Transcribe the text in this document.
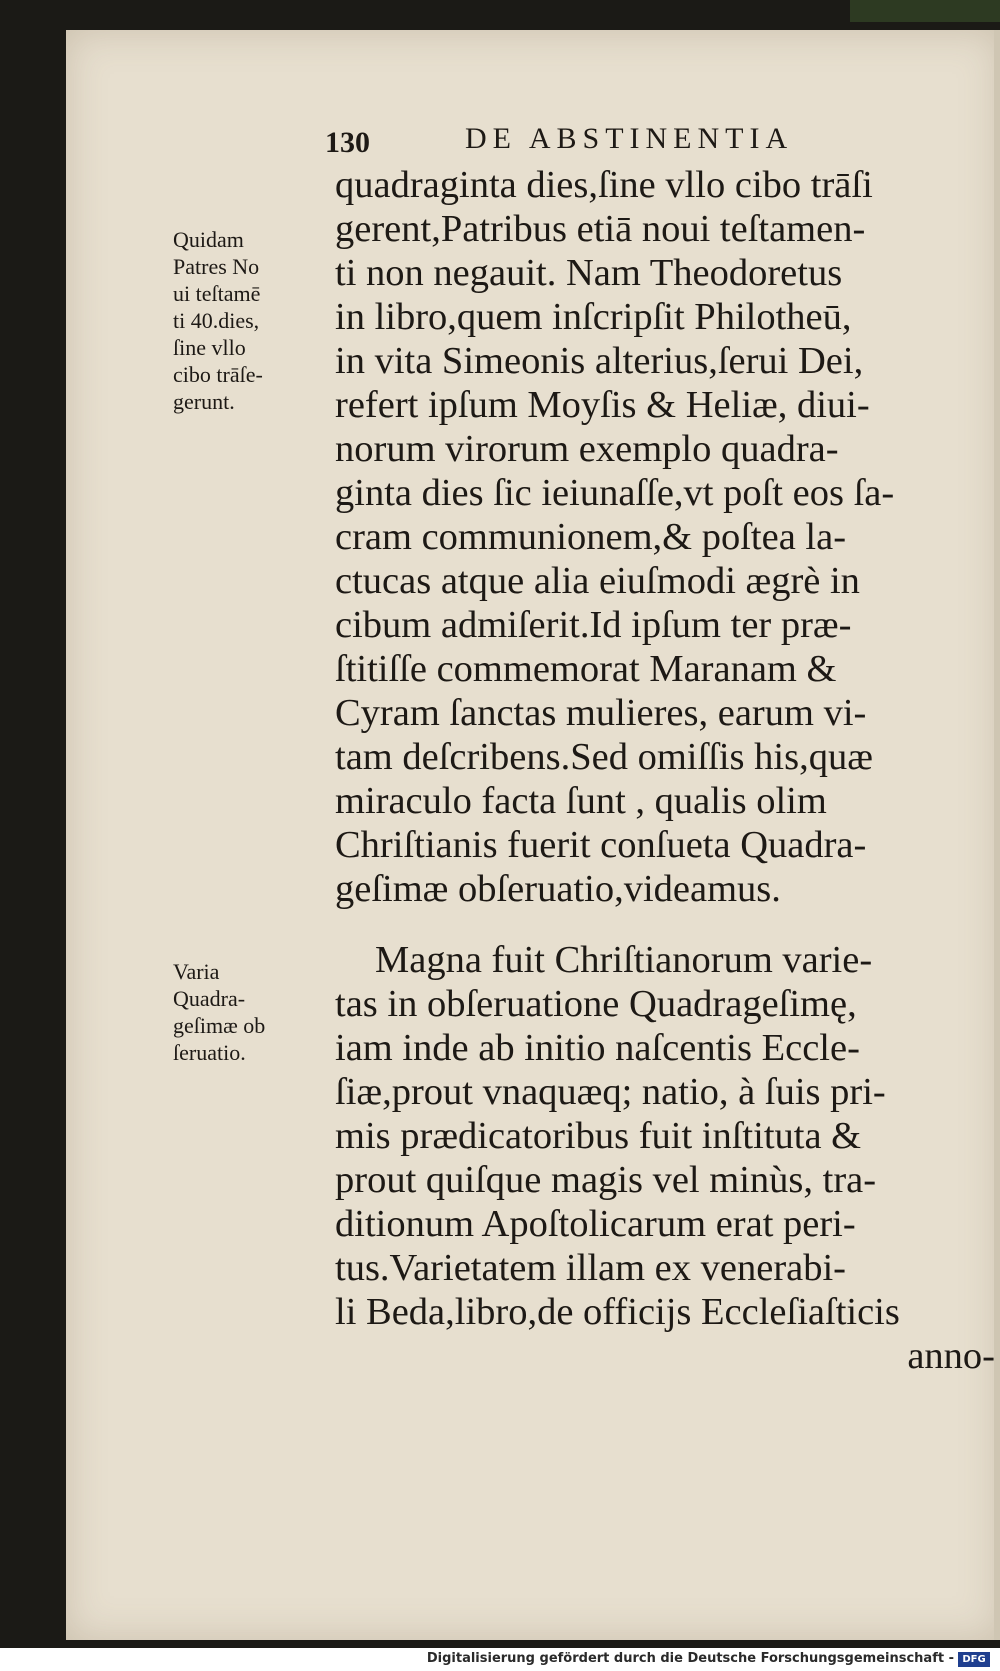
130	DE ABSTINENTIA
Quidam
Patres No
ui teſtamē
ti 40.dies,
ſine vllo
cibo trāſe-
gerunt.
Varia
Quadra-
geſimæ ob
ſeruatio.
quadraginta dies,ſine vllo cibo trāſi
gerent,Patribus etiā noui teſtamen-
ti non negauit. Nam Theodoretus
in libro,quem inſcripſit Philotheū,
in vita Simeonis alterius,ſerui Dei,
refert ipſum Moyſis & Heliæ, diui-
norum virorum exemplo quadra-
ginta dies ſic ieiunaſſe,vt poſt eos ſa-
cram communionem,& poſtea la-
ctucas atque alia eiuſmodi ægrè in
cibum admiſerit.Id ipſum ter præ-
ſtitiſſe commemorat Maranam &
Cyram ſanctas mulieres, earum vi-
tam deſcribens.Sed omiſſis his,quæ
miraculo facta ſunt , qualis olim
Chriſtianis fuerit conſueta Quadra-
geſimæ obſeruatio,videamus.
Magna fuit Chriſtianorum varie-
tas in obſeruatione Quadrageſimę,
iam inde ab initio naſcentis Eccle-
ſiæ,prout vnaquæq; natio, à ſuis pri-
mis prædicatoribus fuit inſtituta &
prout quiſque magis vel minùs, tra-
ditionum Apoſtolicarum erat peri-
tus.Varietatem illam ex venerabi-
li Beda,libro,de officijs Eccleſiaſticis
anno-
Digitalisierung gefördert durch die Deutsche Forschungsgemeinschaft - DFG
